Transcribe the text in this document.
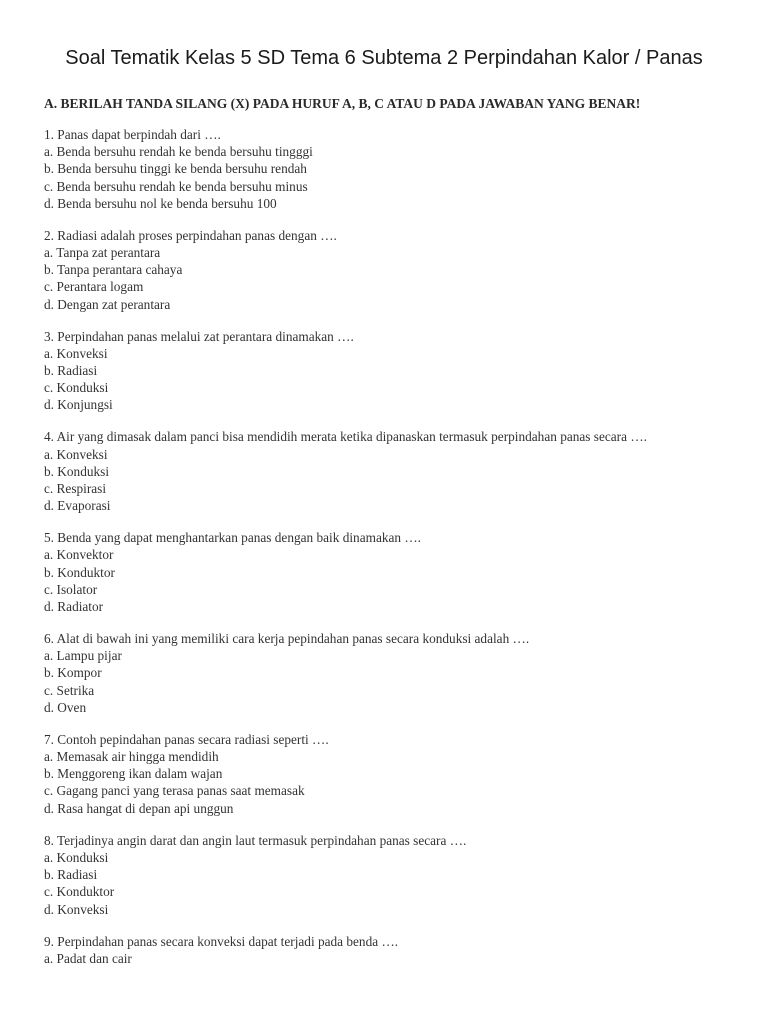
Soal Tematik Kelas 5 SD Tema 6 Subtema 2 Perpindahan Kalor / Panas
A. BERILAH TANDA SILANG (X) PADA HURUF A, B, C ATAU D PADA JAWABAN YANG BENAR!
1. Panas dapat berpindah dari ….
a. Benda bersuhu rendah ke benda bersuhu tingggi
b. Benda bersuhu tinggi ke benda bersuhu rendah
c. Benda bersuhu rendah ke benda bersuhu minus
d. Benda bersuhu nol ke benda bersuhu 100
2. Radiasi adalah proses perpindahan panas dengan ….
a. Tanpa zat perantara
b. Tanpa perantara cahaya
c. Perantara logam
d. Dengan zat perantara
3. Perpindahan panas melalui zat perantara dinamakan ….
a. Konveksi
b. Radiasi
c. Konduksi
d. Konjungsi
4. Air yang dimasak dalam panci bisa mendidih merata ketika dipanaskan termasuk perpindahan panas secara ….
a. Konveksi
b. Konduksi
c. Respirasi
d. Evaporasi
5. Benda yang dapat menghantarkan panas dengan baik dinamakan ….
a. Konvektor
b. Konduktor
c. Isolator
d. Radiator
6. Alat di bawah ini yang memiliki cara kerja pepindahan panas secara konduksi adalah ….
a. Lampu pijar
b. Kompor
c. Setrika
d. Oven
7. Contoh pepindahan panas secara radiasi seperti ….
a. Memasak air hingga mendidih
b. Menggoreng ikan dalam wajan
c. Gagang panci yang terasa panas saat memasak
d. Rasa hangat di depan api unggun
8. Terjadinya angin darat dan angin laut termasuk perpindahan panas secara ….
a. Konduksi
b. Radiasi
c. Konduktor
d. Konveksi
9. Perpindahan panas secara konveksi dapat terjadi pada benda ….
a. Padat dan cair
